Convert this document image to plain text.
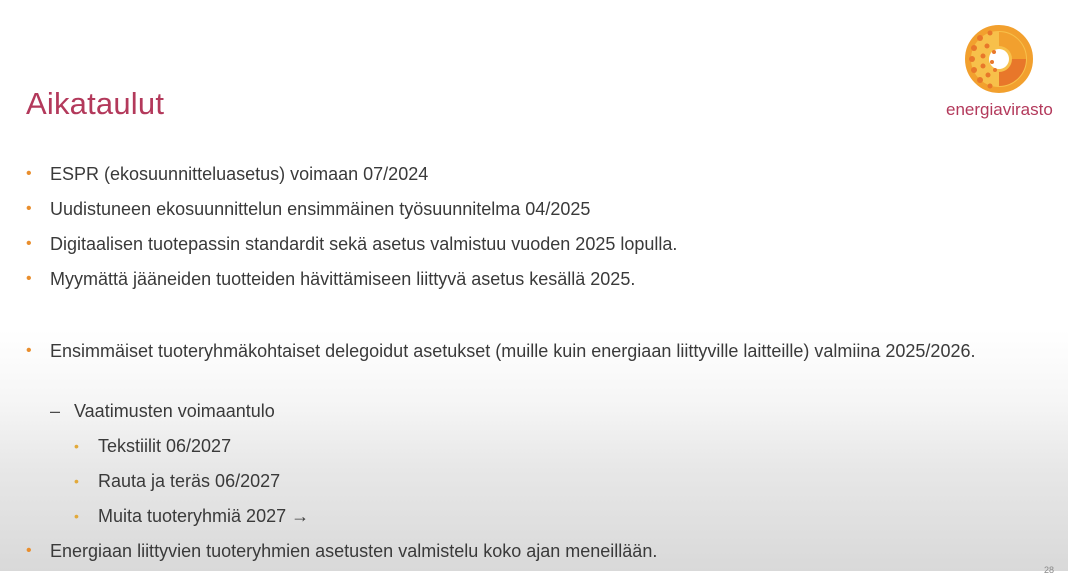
Aikataulut	energiavirasto
• ESPR (ekosuunnitteluasetus) voimaan 07/2024
• Uudistuneen ekosuunnittelun ensimmäinen työsuunnitelma 04/2025
• Digitaalisen tuotepassin standardit sekä asetus valmistuu vuoden 2025 lopulla.
• Myymättä jääneiden tuotteiden hävittämiseen liittyvä asetus kesällä 2025.
• Ensimmäiset tuoteryhmäkohtaiset delegoidut asetukset (muille kuin energiaan liittyville laitteille) valmiina 2025/2026.
– Vaatimusten voimaantulo
• Tekstiilit 06/2027
• Rauta ja teräs 06/2027
• Muita tuoteryhmiä 2027 →
• Energiaan liittyvien tuoteryhmien asetusten valmistelu koko ajan meneillään.
28
